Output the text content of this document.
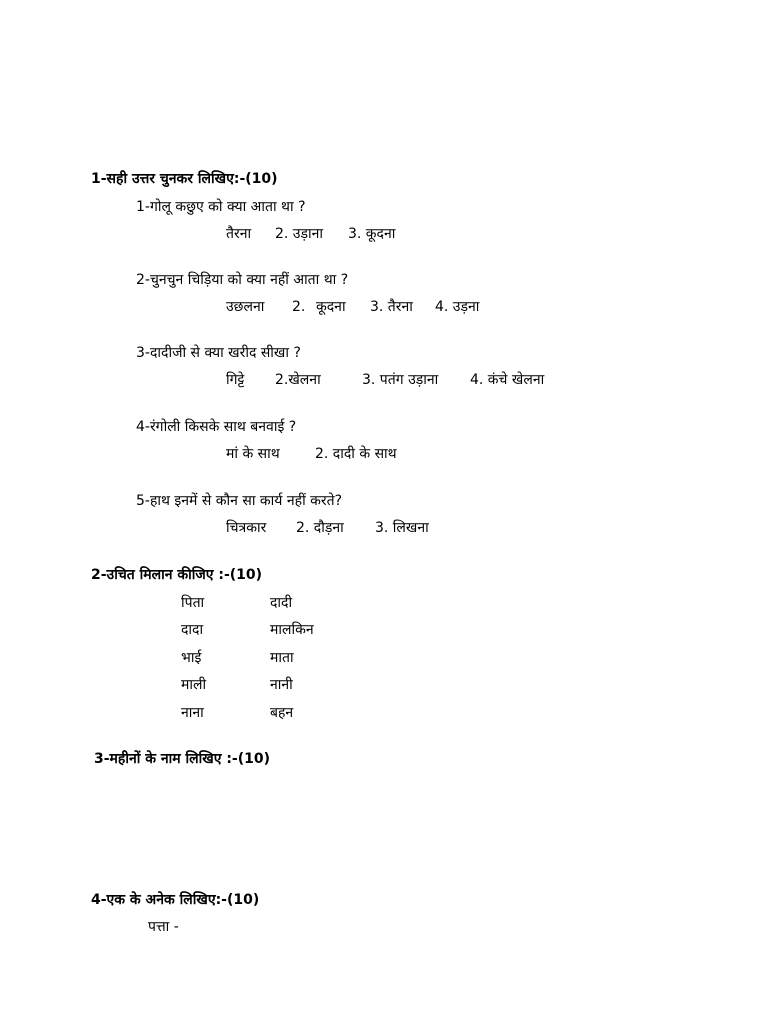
1-सही उत्तर चुनकर लिखिए:-(10)
1-गोलू कछुए को क्या आता था ?
तैरना 2. उड़ाना 3. कूदना
2-चुनचुन चिड़िया को क्या नहीं आता था ?
उछलना 2. कूदना 3. तैरना 4. उड़ना
3-दादीजी से क्या खरीद सीखा ?
गिट्टे 2.खेलना	3. पतंग उड़ाना 4. कंचे खेलना
4-रंगोली किसके साथ बनवाई ?
मां के साथ	2. दादी के साथ
5-हाथ इनमें से कौन सा कार्य नहीं करते?
चित्रकार 2. दौड़ना 3. लिखना
2-उचित मिलान कीजिए :-(10)
पिता
दादा
भाई
माली
नाना
दादी
मालकिन
माता
नानी
बहन
3-महीनों के नाम लिखिए :-(10)
4-एक के अनेक लिखिए:-(10)
पत्ता -
